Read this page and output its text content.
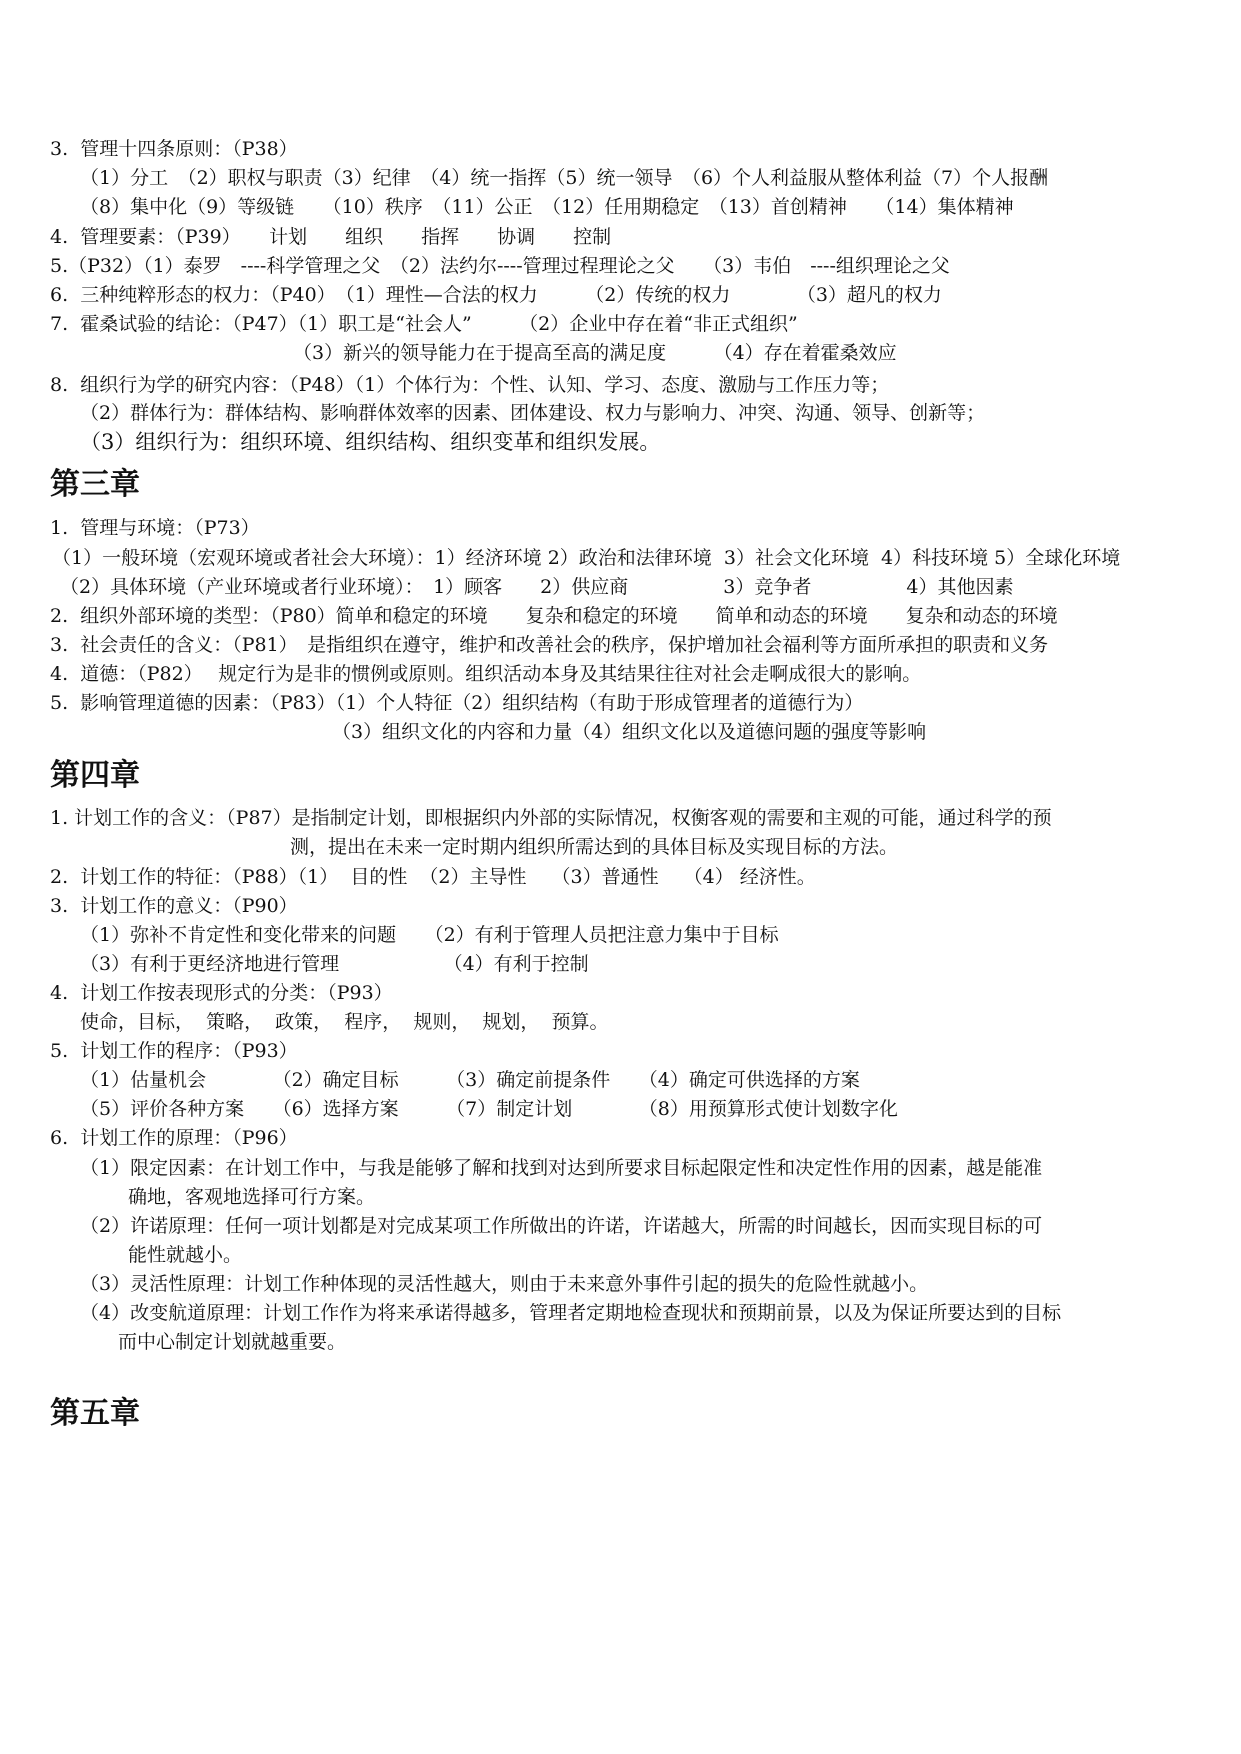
3.  管理十四条原则：（P38）
（1）分工　（2）职权与职责（3）纪律　（4）统一指挥（5）统一领导　（6）个人利益服从整体利益（7）个人报酬
（8）集中化（9）等级链　　（10）秩序　（11）公正　（12）任用期稳定　（13）首创精神　　（14）集体精神
4.  管理要素：（P39）　　计划　　组织　　指挥　　协调　　控制
5.（P32）（1）泰罗　----科学管理之父　（2）法约尔----管理过程理论之父　　（3）韦伯　----组织理论之父
6.  三种纯粹形态的权力：（P40）　（1）理性—合法的权力　　　（2）传统的权力　　　　（3）超凡的权力
7.  霍桑试验的结论：（P47）（1）职工是“社会人”　　　（2）企业中存在着“非正式组织”
（3）新兴的领导能力在于提高至高的满足度　　　（4）存在着霍桑效应
8.  组织行为学的研究内容：（P48）（1）个体行为：个性、认知、学习、态度、激励与工作压力等；
（2）群体行为：群体结构、影响群体效率的因素、团体建设、权力与影响力、冲突、沟通、领导、创新等；
（3）组织行为：组织环境、组织结构、组织变革和组织发展。
第三章
1.  管理与环境：（P73）
（1）一般环境（宏观环境或者社会大环境）：1）经济环境 2）政治和法律环境  3）社会文化环境  4）科技环境 5）全球化环境
（2）具体环境（产业环境或者行业环境）：　1）顾客　　2）供应商　　　　　3）竞争者　　　　　4）其他因素
2.  组织外部环境的类型：（P80）简单和稳定的环境　　复杂和稳定的环境　　简单和动态的环境　　复杂和动态的环境
3.  社会责任的含义：（P81）　是指组织在遵守，维护和改善社会的秩序，保护增加社会福利等方面所承担的职责和义务
4.  道德：（P82）　 规定行为是非的惯例或原则。组织活动本身及其结果往往对社会走啊成很大的影响。
5.  影响管理道德的因素：（P83）（1）个人特征（2）组织结构（有助于形成管理者的道德行为）
（3）组织文化的内容和力量（4）组织文化以及道德问题的强度等影响
第四章
1. 计划工作的含义：（P87）是指制定计划，即根据织内外部的实际情况，权衡客观的需要和主观的可能，通过科学的预
测，提出在未来一定时期内组织所需达到的具体目标及实现目标的方法。
2.  计划工作的特征：（P88）（1）  目的性  （2）主导性　 （3）普通性　 （4） 经济性。
3.  计划工作的意义：（P90）
（1）弥补不肯定性和变化带来的问题　　（2）有利于管理人员把注意力集中于目标
（3）有利于更经济地进行管理　　　　　　（4）有利于控制
4.  计划工作按表现形式的分类：（P93）
使命，目标，  策略，  政策，  程序，  规则，  规划，  预算。
5.  计划工作的程序：（P93）
（1）估量机会　　　　（2）确定目标　　　（3）确定前提条件　　（4）确定可供选择的方案
（5）评价各种方案　　（6）选择方案　　　（7）制定计划　　　　（8）用预算形式使计划数字化
6.  计划工作的原理：（P96）
（1）限定因素：在计划工作中，与我是能够了解和找到对达到所要求目标起限定性和决定性作用的因素，越是能准
确地，客观地选择可行方案。
（2）许诺原理：任何一项计划都是对完成某项工作所做出的许诺，许诺越大，所需的时间越长，因而实现目标的可
能性就越小。
（3）灵活性原理：计划工作种体现的灵活性越大，则由于未来意外事件引起的损失的危险性就越小。
（4）改变航道原理：计划工作作为将来承诺得越多，管理者定期地检查现状和预期前景，以及为保证所要达到的目标
而中心制定计划就越重要。
第五章
